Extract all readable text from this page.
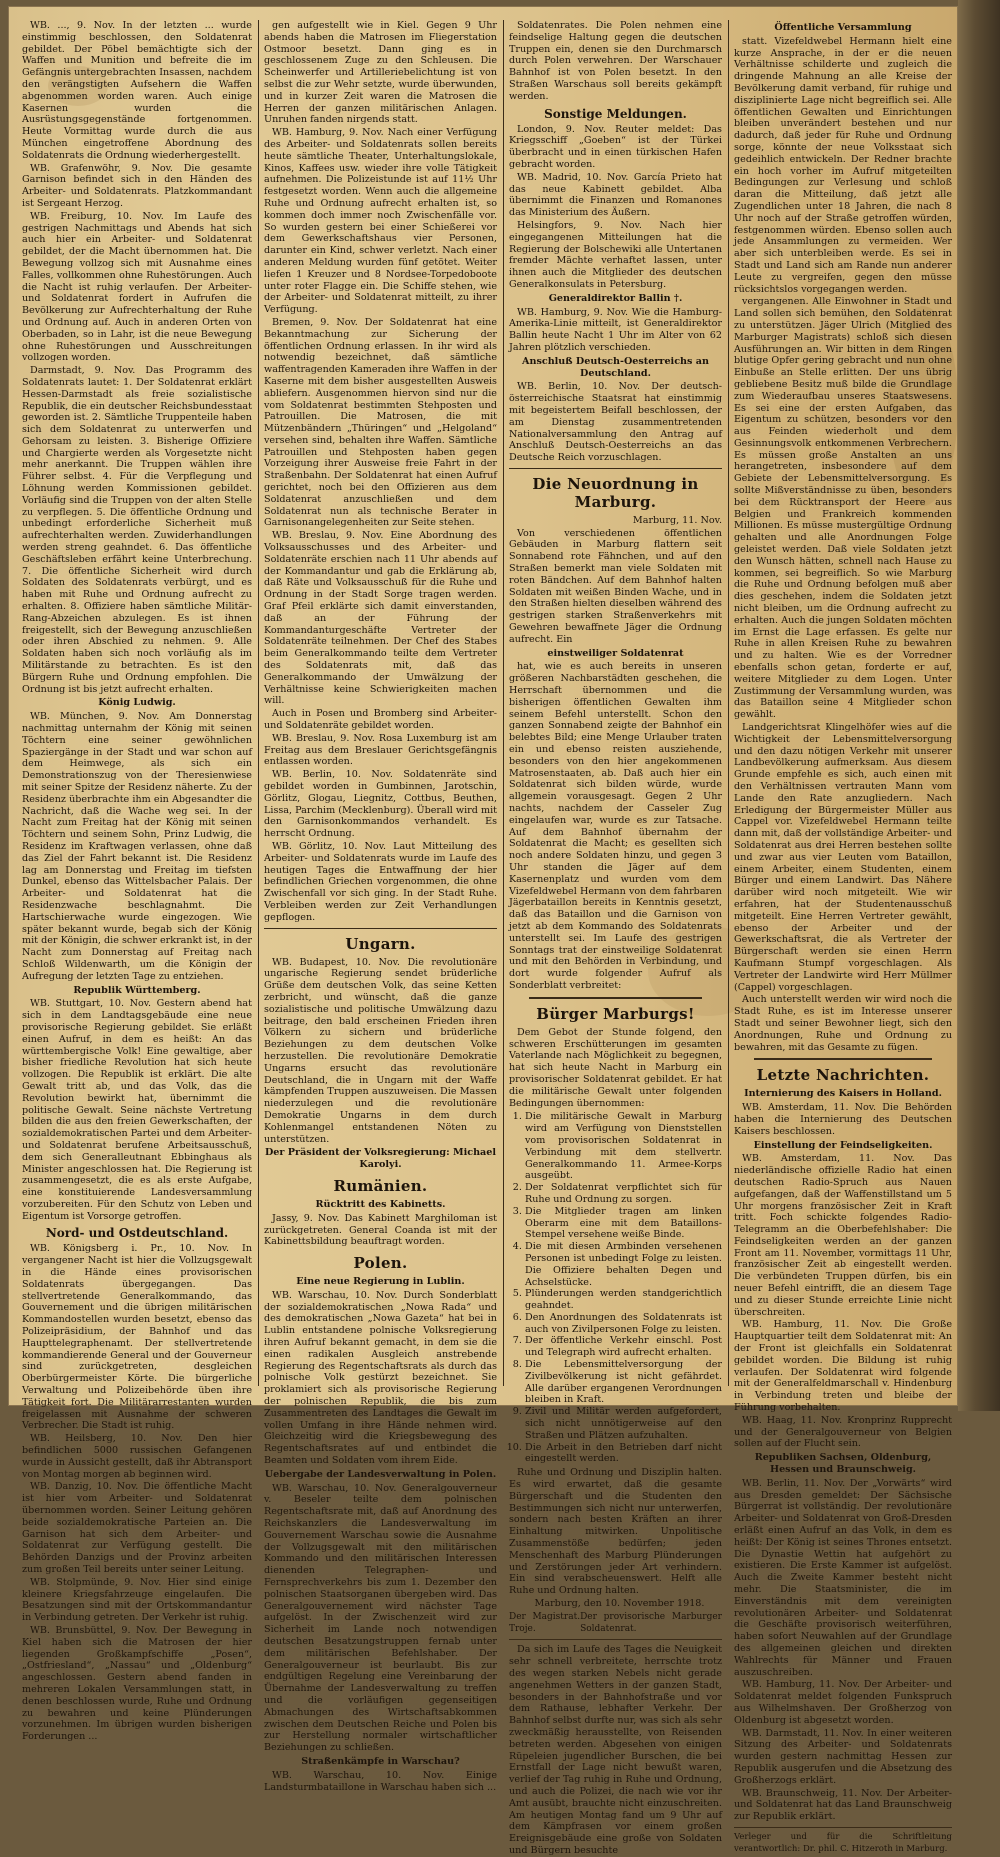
WB. ..., 9. Nov. In der letzten ... wurde einstimmig beschlossen, den Soldatenrat gebildet. Der Pöbel bemächtigte sich der Waffen und Munition und befreite die im Gefängnis untergebrachten Insassen, nachdem den verängstigten Aufsehern die Waffen abgenommen worden waren. Auch einige Kasernen wurden die Ausrüstungsgegenstände fortgenommen. Heute Vormittag wurde durch die aus München eingetroffene Abordnung des Soldatenrats die Ordnung wiederhergestellt.

WB. Grafenwöhr, 9. Nov. Die gesamte Garnison befindet sich in den Händen des Arbeiter- und Soldatenrats. Platzkommandant ist Sergeant Herzog.

WB. Freiburg, 10. Nov. Im Laufe des gestrigen Nachmittags und Abends hat sich auch hier ein Arbeiter- und Soldatenrat gebildet, der die Macht übernommen hat. Die Bewegung vollzog sich mit Ausnahme eines Falles, vollkommen ohne Ruhestörungen. Auch die Nacht ist ruhig verlaufen. Der Arbeiter- und Soldatenrat fordert in Aufrufen die Bevölkerung zur Aufrechterhaltung der Ruhe und Ordnung auf. Auch in anderen Orten von Oberbaden, so in Lahr, ist die neue Bewegung ohne Ruhestörungen und Ausschreitungen vollzogen worden.

Darmstadt, 9. Nov. Das Programm des Soldatenrats lautet: 1. Der Soldatenrat erklärt Hessen-Darmstadt als freie sozialistische Republik, die ein deutscher Reichsbundesstaat geworden ist. 2. Sämtliche Truppenteile haben sich dem Soldatenrat zu unterwerfen und Gehorsam zu leisten. 3. Bisherige Offiziere und Chargierte werden als Vorgesetzte nicht mehr anerkannt. Die Truppen wählen ihre Führer selbst. 4. Für die Verpflegung und Löhnung werden Kommissionen gebildet. Vorläufig sind die Truppen von der alten Stelle zu verpflegen. 5. Die öffentliche Ordnung und unbedingt erforderliche Sicherheit muß aufrechterhalten werden. Zuwiderhandlungen werden streng geahndet. 6. Das öffentliche Geschäftsleben erfährt keine Unterbrechung. 7. Die öffentliche Sicherheit wird durch Soldaten des Soldatenrats verbürgt, und es haben mit Ruhe und Ordnung aufrecht zu erhalten. 8. Offiziere haben sämtliche Militär-Rang-Abzeichen abzulegen. Es ist ihnen freigestellt, sich der Bewegung anzuschließen oder ihren Abschied zu nehmen. 9. Alle Soldaten haben sich noch vorläufig als im Militärstande zu betrachten. Es ist den Bürgern Ruhe und Ordnung empfohlen. Die Ordnung ist bis jetzt aufrecht erhalten.

König Ludwig.

WB. München, 9. Nov. Am Donnerstag nachmittag unternahm der König mit seinen Töchtern eine seiner gewöhnlichen Spaziergänge in der Stadt und war schon auf dem Heimwege, als sich ein Demonstrationszug von der Theresienwiese mit seiner Spitze der Residenz näherte. Zu der Residenz überbrachte ihm ein Abgesandter die Nachricht, daß die Wache weg sei. In der Nacht zum Freitag hat der König mit seinen Töchtern und seinem Sohn, Prinz Ludwig, die Residenz im Kraftwagen verlassen, ohne daß das Ziel der Fahrt bekannt ist. Die Residenz lag am Donnerstag und Freitag im tiefsten Dunkel, ebenso das Wittelsbacher Palais. Der Arbeiter- und Soldatenrat hat die Residenzwache beschlagnahmt. Die Hartschierwache wurde eingezogen. Wie später bekannt wurde, begab sich der König mit der Königin, die schwer erkrankt ist, in der Nacht zum Donnerstag auf Freitag nach Schloß Wildenwarth, um die Königin der Aufregung der letzten Tage zu entziehen.

Republik Württemberg.

WB. Stuttgart, 10. Nov. Gestern abend hat sich in dem Landtagsgebäude eine neue provisorische Regierung gebildet. Sie erläßt einen Aufruf, in dem es heißt: An das württembergische Volk! Eine gewaltige, aber bisher friedliche Revolution hat sich heute vollzogen. Die Republik ist erklärt. Die alte Gewalt tritt ab, und das Volk, das die Revolution bewirkt hat, übernimmt die politische Gewalt. Seine nächste Vertretung bilden die aus den freien Gewerkschaften, der sozialdemokratischen Partei und dem Arbeiter- und Soldatenrat berufene Arbeitsausschuß, dem sich Generalleutnant Ebbinghaus als Minister angeschlossen hat. Die Regierung ist zusammengesetzt, die es als erste Aufgabe, eine konstituierende Landesversammlung vorzubereiten. Für den Schutz von Leben und Eigentum ist Vorsorge getroffen.

Nord- und Ostdeutschland.

WB. Königsberg i. Pr., 10. Nov. In vergangener Nacht ist hier die Vollzugsgewalt in die Hände eines provisorischen Soldatenrats übergegangen. Das stellvertretende Generalkommando, das Gouvernement und die übrigen militärischen Kommandostellen wurden besetzt, ebenso das Polizeipräsidium, der Bahnhof und das Haupttelegraphenamt. Der stellvertretende kommandierende General und der Gouverneur sind zurückgetreten, desgleichen Oberbürgermeister Körte. Die bürgerliche Verwaltung und Polizeibehörde üben ihre Tätigkeit fort. Die Militärarrestanten wurden freigelassen mit Ausnahme der schweren Verbrecher. Die Stadt ist ruhig.

WB. Heilsberg, 10. Nov. Den hier befindlichen 5000 russischen Gefangenen wurde in Aussicht gestellt, daß ihr Abtransport von Montag morgen ab beginnen wird.

WB. Danzig, 10. Nov. Die öffentliche Macht ist hier vom Arbeiter- und Soldatenrat übernommen worden. Seiner Leitung gehören beide sozialdemokratische Parteien an. Die Garnison hat sich dem Arbeiter- und Soldatenrat zur Verfügung gestellt. Die Behörden Danzigs und der Provinz arbeiten zum großen Teil bereits unter seiner Leitung.

WB. Stolpmünde, 9. Nov. Hier sind einige kleinere Kriegsfahrzeuge eingelaufen. Die Besatzungen sind mit der Ortskommandantur in Verbindung getreten. Der Verkehr ist ruhig.

WB. Brunsbüttel, 9. Nov. Der Bewegung in Kiel haben sich die Matrosen der hier liegenden Großkampfschiffe „Posen“, „Ostfriesland“, „Nassau“ und „Oldenburg“ angeschlossen. Gestern abend fanden in mehreren Lokalen Versammlungen statt, in denen beschlossen wurde, Ruhe und Ordnung zu bewahren und keine Plünderungen vorzunehmen. Im übrigen wurden bisherigen Forderungen ...

gen aufgestellt wie in Kiel. Gegen 9 Uhr abends haben die Matrosen im Fliegerstation Ostmoor besetzt. Dann ging es in geschlossenem Zuge zu den Schleusen. Die Scheinwerfer und Artilleriebelichtung ist von selbst die zur Wehr setzte, wurde überwunden, und in kurzer Zeit waren die Matrosen die Herren der ganzen militärischen Anlagen. Unruhen fanden nirgends statt.

WB. Hamburg, 9. Nov. Nach einer Verfügung des Arbeiter- und Soldatenrats sollen bereits heute sämtliche Theater, Unterhaltungslokale, Kinos, Kaffees usw. wieder ihre volle Tätigkeit aufnehmen. Die Polizeistunde ist auf 11½ Uhr festgesetzt worden. Wenn auch die allgemeine Ruhe und Ordnung aufrecht erhalten ist, so kommen doch immer noch Zwischenfälle vor. So wurden gestern bei einer Schießerei vor dem Gewerkschaftshaus vier Personen, darunter ein Kind, schwer verletzt. Nach einer anderen Meldung wurden fünf getötet. Weiter liefen 1 Kreuzer und 8 Nordsee-Torpedoboote unter roter Flagge ein. Die Schiffe stehen, wie der Arbeiter- und Soldatenrat mitteilt, zu ihrer Verfügung.

Bremen, 9. Nov. Der Soldatenrat hat eine Bekanntmachung zur Sicherung der öffentlichen Ordnung erlassen. In ihr wird als notwendig bezeichnet, daß sämtliche waffentragenden Kameraden ihre Waffen in der Kaserne mit dem bisher ausgestellten Ausweis abliefern. Ausgenommen hiervon sind nur die vom Soldatenrat bestimmten Stehposten und Patrouillen. Die Matrosen, die mit Mützenbändern „Thüringen“ und „Helgoland“ versehen sind, behalten ihre Waffen. Sämtliche Patrouillen und Stehposten haben gegen Vorzeigung ihrer Ausweise freie Fahrt in der Straßenbahn. Der Soldatenrat hat einen Aufruf gerichtet, noch bei den Offizieren aus dem Soldatenrat anzuschließen und dem Soldatenrat nun als technische Berater in Garnisonangelegenheiten zur Seite stehen.

WB. Breslau, 9. Nov. Eine Abordnung des Volksausschusses und des Arbeiter- und Soldatenräte erschien nach 11 Uhr abends auf der Kommandantur und gab die Erklärung ab, daß Räte und Volksausschuß für die Ruhe und Ordnung in der Stadt Sorge tragen werden. Graf Pfeil erklärte sich damit einverstanden, daß an der Führung der Kommandanturgeschäfte Vertreter der Soldatenräte teilnehmen. Der Chef des Stabes beim Generalkommando teilte dem Vertreter des Soldatenrats mit, daß das Generalkommando der Umwälzung der Verhältnisse keine Schwierigkeiten machen will.

Auch in Posen und Bromberg sind Arbeiter- und Soldatenräte gebildet worden.

WB. Breslau, 9. Nov. Rosa Luxemburg ist am Freitag aus dem Breslauer Gerichtsgefängnis entlassen worden.

WB. Berlin, 10. Nov. Soldatenräte sind gebildet worden in Gumbinnen, Jarotschin, Görlitz, Glogau, Liegnitz, Cottbus, Beuthen, Lissa, Parchim (Mecklenburg). Überall wird mit den Garnisonkommandos verhandelt. Es herrscht Ordnung.

WB. Görlitz, 10. Nov. Laut Mitteilung des Arbeiter- und Soldatenrats wurde im Laufe des heutigen Tages die Entwaffnung der hier befindlichen Griechen vorgenommen, die ohne Zwischenfall vor sich ging. In der Stadt Ruhe. Verbleiben werden zur Zeit Verhandlungen gepflogen.

Ungarn.

WB. Budapest, 10. Nov. Die revolutionäre ungarische Regierung sendet brüderliche Grüße dem deutschen Volk, das seine Ketten zerbricht, und wünscht, daß die ganze sozialistische und politische Umwälzung dazu beitrage, den bald erscheinen Frieden ihren Völkern zu sichern und brüderliche Beziehungen zu dem deutschen Volke herzustellen. Die revolutionäre Demokratie Ungarns ersucht das revolutionäre Deutschland, die in Ungarn mit der Waffe kämpfenden Truppen auszuweisen. Die Massen niederzulegen und die revolutionäre Demokratie Ungarns in dem durch Kohlenmangel entstandenen Nöten zu unterstützen.

Der Präsident der Volksregierung: Michael Karolyi.

Rumänien.

Rücktritt des Kabinetts.

Jassy, 9. Nov. Das Kabinett Marghiloman ist zurückgetreten. General Coanda ist mit der Kabinettsbildung beauftragt worden.

Polen.

Eine neue Regierung in Lublin.

WB. Warschau, 10. Nov. Durch Sonderblatt der sozialdemokratischen „Nowa Rada“ und des demokratischen „Nowa Gazeta“ hat bei in Lublin entstandene polnische Volksregierung ihren Aufruf bekannt gemacht, in dem sie die einen radikalen Ausgleich anstrebende Regierung des Regentschaftsrats als durch das polnische Volk gestürzt bezeichnet. Sie proklamiert sich als provisorische Regierung der polnischen Republik, die bis zum Zusammentreten des Landtages die Gewalt im vollen Umfang in ihre Hände nehmen wird. Gleichzeitig wird die Kriegsbewegung des Regentschaftsrates auf und entbindet die Beamten und Soldaten vom ihrem Eide.

Uebergabe der Landesverwaltung in Polen.

WB. Warschau, 10. Nov. Generalgouverneur v. Beseler teilte dem polnischen Regentschaftsrate mit, daß auf Anordnung des Reichskanzlers die Landesverwaltung im Gouvernement Warschau sowie die Ausnahme der Vollzugsgewalt mit den militärischen Kommando und den militärischen Interessen dienenden Telegraphen- und Fernsprechverkehrs bis zum 1. Dezember den polnischen Staatsorganen übergeben wird. Das Generalgouvernement wird nächster Tage aufgelöst. In der Zwischenzeit wird zur Sicherheit im Lande noch notwendigen deutschen Besatzungstruppen fernab unter dem militärischen Befehlshaber. Der Generalgouverneur ist beurlaubt. Bis zur endgültigen Regelung eine Vereinbarung der Übernahme der Landesverwaltung zu treffen und die vorläufigen gegenseitigen Abmachungen des Wirtschaftsabkommen zwischen dem Deutschen Reiche und Polen bis zur Herstellung normaler wirtschaftlicher Beziehungen zu schließen.

Straßenkämpfe in Warschau?

WB. Warschau, 10. Nov. Einige Landsturmbataillone in Warschau haben sich ...

Soldatenrates. Die Polen nehmen eine feindselige Haltung gegen die deutschen Truppen ein, denen sie den Durchmarsch durch Polen verwehren. Der Warschauer Bahnhof ist von Polen besetzt. In den Straßen Warschaus soll bereits gekämpft werden.

Sonstige Meldungen.

London, 9. Nov. Reuter meldet: Das Kriegsschiff „Goeben“ ist der Türkei überbracht und in einen türkischen Hafen gebracht worden.

WB. Madrid, 10. Nov. García Prieto hat das neue Kabinett gebildet. Alba übernimmt die Finanzen und Romanones das Ministerium des Äußern.

Helsingfors, 9. Nov. Nach hier eingegangenen Mitteilungen hat die Regierung der Bolschewiki alle Untertanen fremder Mächte verhaftet lassen, unter ihnen auch die Mitglieder des deutschen Generalkonsulats in Petersburg.

Generaldirektor Ballin †.

WB. Hamburg, 9. Nov. Wie die Hamburg-Amerika-Linie mitteilt, ist Generaldirektor Ballin heute Nacht 1 Uhr im Alter von 62 Jahren plötzlich verschieden.

Anschluß Deutsch-Oesterreichs an Deutschland.

WB. Berlin, 10. Nov. Der deutsch-österreichische Staatsrat hat einstimmig mit begeistertem Beifall beschlossen, der am Dienstag zusammentretenden Nationalversammlung den Antrag auf Anschluß Deutsch-Oesterreichs an das Deutsche Reich vorzuschlagen.

Die Neuordnung in Marburg.

Marburg, 11. Nov.

Von verschiedenen öffentlichen Gebäuden in Marburg flattern seit Sonnabend rote Fähnchen, und auf den Straßen bemerkt man viele Soldaten mit roten Bändchen. Auf dem Bahnhof halten Soldaten mit weißen Binden Wache, und in den Straßen hielten dieselben während des gestrigen starken Straßenverkehrs mit Gewehren bewaffnete Jäger die Ordnung aufrecht. Ein

einstweiliger Soldatenrat

hat, wie es auch bereits in unseren größeren Nachbarstädten geschehen, die Herrschaft übernommen und die bisherigen öffentlichen Gewalten ihm seinem Befehl unterstellt. Schon den ganzen Sonnabend zeigte der Bahnhof ein belebtes Bild; eine Menge Urlauber traten ein und ebenso reisten ausziehende, besonders von den hier angekommenen Matrosenstaaten, ab. Daß auch hier ein Soldatenrat sich bilden würde, wurde allgemein vorausgesagt. Gegen 2 Uhr nachts, nachdem der Casseler Zug eingelaufen war, wurde es zur Tatsache. Auf dem Bahnhof übernahm der Soldatenrat die Macht; es gesellten sich noch andere Soldaten hinzu, und gegen 3 Uhr standen die Jäger auf dem Kasernenplatz und wurden vom dem Vizefeldwebel Hermann von dem fahrbaren Jägerbataillon bereits in Kenntnis gesetzt, daß das Bataillon und die Garnison von jetzt ab dem Kommando des Soldatenrats unterstellt sei. Im Laufe des gestrigen Sonntags trat der einstweilige Soldatenrat und mit den Behörden in Verbindung, und dort wurde folgender Aufruf als Sonderblatt verbreitet:

Bürger Marburgs!

Dem Gebot der Stunde folgend, den schweren Erschütterungen im gesamten Vaterlande nach Möglichkeit zu begegnen, hat sich heute Nacht in Marburg ein provisorischer Soldatenrat gebildet. Er hat die militärische Gewalt unter folgenden Bedingungen übernommen:

1. Die militärische Gewalt in Marburg wird am Verfügung von Dienststellen vom provisorischen Soldatenrat in Verbindung mit dem stellvertr. Generalkommando 11. Armee-Korps ausgeübt.
2. Der Soldatenrat verpflichtet sich für Ruhe und Ordnung zu sorgen.
3. Die Mitglieder tragen am linken Oberarm eine mit dem Bataillons-Stempel versehene weiße Binde.
4. Die mit diesen Armbinden versehenen Personen ist unbedingt Folge zu leisten. Die Offiziere behalten Degen und Achselstücke.
5. Plünderungen werden standgerichtlich geahndet.
6. Den Anordnungen des Soldatenrats ist auch von Zivilpersonen Folge zu leisten.
7. Der öffentliche Verkehr einschl. Post und Telegraph wird aufrecht erhalten.
8. Die Lebensmittelversorgung der Zivilbevölkerung ist nicht gefährdet. Alle darüber ergangenen Verordnungen bleiben in Kraft.
9. Zivil und Militär werden aufgefordert, sich nicht unnötigerweise auf den Straßen und Plätzen aufzuhalten.
10. Die Arbeit in den Betrieben darf nicht eingestellt werden.

Ruhe und Ordnung und Disziplin halten. Es wird erwartet, daß die gesamte Bürgerschaft und die Studenten den Bestimmungen sich nicht nur unterwerfen, sondern nach besten Kräften an ihrer Einhaltung mitwirken. Unpolitische Zusammenstöße bedürfen; jeden Menschenhaft des Marburg Plünderungen und Zerstörungen jeder Art verhindern. Ein sind verabscheuenswert. Helft alle Ruhe und Ordnung halten.

Marburg, den 10. November 1918.

Der Magistrat. Troje.
Der provisorische Marburger Soldatenrat.

Da sich im Laufe des Tages die Neuigkeit sehr schnell verbreitete, herrschte trotz des wegen starken Nebels nicht gerade angenehmen Wetters in der ganzen Stadt, besonders in der Bahnhofstraße und vor dem Rathause, lebhafter Verkehr. Der Bahnhof selbst durfte nur, was sich als sehr zweckmäßig herausstellte, von Reisenden betreten werden. Abgesehen von einigen Rüpeleien jugendlicher Burschen, die bei Ernstfall der Lage nicht bewußt waren, verlief der Tag ruhig in Ruhe und Ordnung, und auch die Polizei, die nach wie vor ihr Amt ausübt, brauchte nicht einzuschreiten. Am heutigen Montag fand um 9 Uhr auf dem Kämpfrasen vor einem großen Ereignisgebäude eine große von Soldaten und Bürgern besuchte

Öffentliche Versammlung

statt. Vizefeldwebel Hermann hielt eine kurze Ansprache, in der er die neuen Verhältnisse schilderte und zugleich die dringende Mahnung an alle Kreise der Bevölkerung damit verband, für ruhige und disziplinierte Lage nicht begreiflich sei. Alle öffentlichen Gewalten und Einrichtungen bleiben unverändert bestehen und nur dadurch, daß jeder für Ruhe und Ordnung sorge, könnte der neue Volksstaat sich gedeihlich entwickeln. Der Redner brachte ein hoch vorher im Aufruf mitgeteilten Bedingungen zur Verlesung und schloß daran die Mitteilung, daß jetzt alle Zugendlichen unter 18 Jahren, die nach 8 Uhr noch auf der Straße getroffen würden, festgenommen würden. Ebenso sollen auch jede Ansammlungen zu vermeiden. Wer aber sich unterbleiben werde. Es sei in Stadt und Land sich am Rande nun anderer Leute zu vergreifen, gegen den müsse rücksichtslos vorgegangen werden.

vergangenen. Alle Einwohner in Stadt und Land sollen sich bemühen, den Soldatenrat zu unterstützen. Jäger Ulrich (Mitglied des Marburger Magistrats) schloß sich diesen Ausführungen an. Wir bitten in dem Ringen blutige Opfer gering gebracht und nun ohne Einbuße an Stelle erlitten. Der uns übrig gebliebene Besitz muß bilde die Grundlage zum Wiederaufbau unseres Staatswesens. Es sei eine der ersten Aufgaben, das Eigentum zu schützen, besonders vor den aus Feinden wiederholt und dem Gesinnungsvolk entkommenen Verbrechern. Es müssen große Anstalten an uns herangetreten, insbesondere auf dem Gebiete der Lebensmittelversorgung. Es sollte Mißverständnisse zu üben, besonders bei dem Rücktransport der Heere aus Belgien und Frankreich kommenden Millionen. Es müsse mustergültige Ordnung gehalten und alle Anordnungen Folge geleistet werden. Daß viele Soldaten jetzt den Wunsch hätten, schnell nach Hause zu kommen, sei begreiflich. So wie Marburg die Ruhe und Ordnung befolgen muß aber dies geschehen, indem die Soldaten jetzt nicht bleiben, um die Ordnung aufrecht zu erhalten. Auch die jungen Soldaten möchten im Ernst die Lage erfassen. Es gelte nur Ruhe in allen Kreisen Ruhe zu bewahren und zu halten. Wie es der Vorredner ebenfalls schon getan, forderte er auf, weitere Mitglieder zu dem Logen. Unter Zustimmung der Versammlung wurden, was das Bataillon seine 4 Mitglieder schon gewählt.

Landgerichtsrat Klingelhöfer wies auf die Wichtigkeit der Lebensmittelversorgung und den dazu nötigen Verkehr mit unserer Landbevölkerung aufmerksam. Aus diesem Grunde empfehle es sich, auch einen mit den Verhältnissen vertrauten Mann vom Lande den Rate anzugliedern. Nach Erledigung der Bürgermeister Müller aus Cappel vor. Vizefeldwebel Hermann teilte dann mit, daß der vollständige Arbeiter- und Soldatenrat aus drei Herren bestehen sollte und zwar aus vier Leuten vom Bataillon, einem Arbeiter, einem Studenten, einem Bürger und einem Landwirt. Das Nähere darüber wird noch mitgeteilt. Wie wir erfahren, hat der Studentenausschuß mitgeteilt. Eine Herren Vertreter gewählt, ebenso der Arbeiter und der Gewerkschaftsrat, die als Vertreter der Bürgerschaft werden sie einen Herrn Kaufmann Stumpf vorgeschlagen. Als Vertreter der Landwirte wird Herr Müllmer (Cappel) vorgeschlagen.

Auch unterstellt werden wir wird noch die Stadt Ruhe, es ist im Interesse unserer Stadt und seiner Bewohner liegt, sich den Anordnungen, Ruhe und Ordnung zu bewahren, mit das Gesamte zu fügen.

Letzte Nachrichten.

Internierung des Kaisers in Holland.

WB. Amsterdam, 11. Nov. Die Behörden haben die Internierung des Deutschen Kaisers beschlossen.

Einstellung der Feindseligkeiten.

WB. Amsterdam, 11. Nov. Das niederländische offizielle Radio hat einen deutschen Radio-Spruch aus Nauen aufgefangen, daß der Waffenstillstand um 5 Uhr morgens französischer Zeit in Kraft tritt. Foch schickte folgendes Radio-Telegramm an die Oberbefehlshaber: Die Feindseligkeiten werden an der ganzen Front am 11. November, vormittags 11 Uhr, französischer Zeit ab eingestellt werden. Die verbündeten Truppen dürfen, bis ein neuer Befehl eintrifft, die an diesem Tage und zu dieser Stunde erreichte Linie nicht überschreiten.

WB. Hamburg, 11. Nov. Die Große Hauptquartier teilt dem Soldatenrat mit: An der Front ist gleichfalls ein Soldatenrat gebildet worden. Die Bildung ist ruhig verlaufen. Der Soldatenrat wird folgende mit der Generalfeldmarschall v. Hindenburg in Verbindung treten und bleibe der Führung vorbehalten.

WB. Haag, 11. Nov. Kronprinz Rupprecht und der Generalgouverneur von Belgien sollen auf der Flucht sein.

Republiken Sachsen, Oldenburg, Hessen und Braunschweig.

WB. Berlin, 11. Nov. Der „Vorwärts“ wird aus Dresden gemeldet: Der Sächsische Bürgerrat ist vollständig. Der revolutionäre Arbeiter- und Soldatenrat von Groß-Dresden erläßt einen Aufruf an das Volk, in dem es heißt: Der König ist seines Thrones entsetzt. Die Dynastie Wettin hat aufgehört zu existieren. Die Erste Kammer ist aufgelöst. Auch die Zweite Kammer besteht nicht mehr. Die Staatsminister, die im Einverständnis mit dem vereinigten revolutionären Arbeiter- und Soldatenrat die Geschäfte provisorisch weiterführen, haben sofort Neuwahlen auf der Grundlage des allgemeinen gleichen und direkten Wahlrechts für Männer und Frauen auszuschreiben.

WB. Hamburg, 11. Nov. Der Arbeiter- und Soldatenrat meldet folgenden Funkspruch aus Wilhelmshaven. Der Großherzog von Oldenburg ist abgesetzt worden.

WB. Darmstadt, 11. Nov. In einer weiteren Sitzung des Arbeiter- und Soldatenrats wurden gestern nachmittag Hessen zur Republik ausgerufen und die Absetzung des Großherzogs erklärt.

WB. Braunschweig, 11. Nov. Der Arbeiter- und Soldatenrat hat das Land Braunschweig zur Republik erklärt.

Verleger und für die Schriftleitung verantwortlich: Dr. phil. C. Hitzeroth in Marburg.
